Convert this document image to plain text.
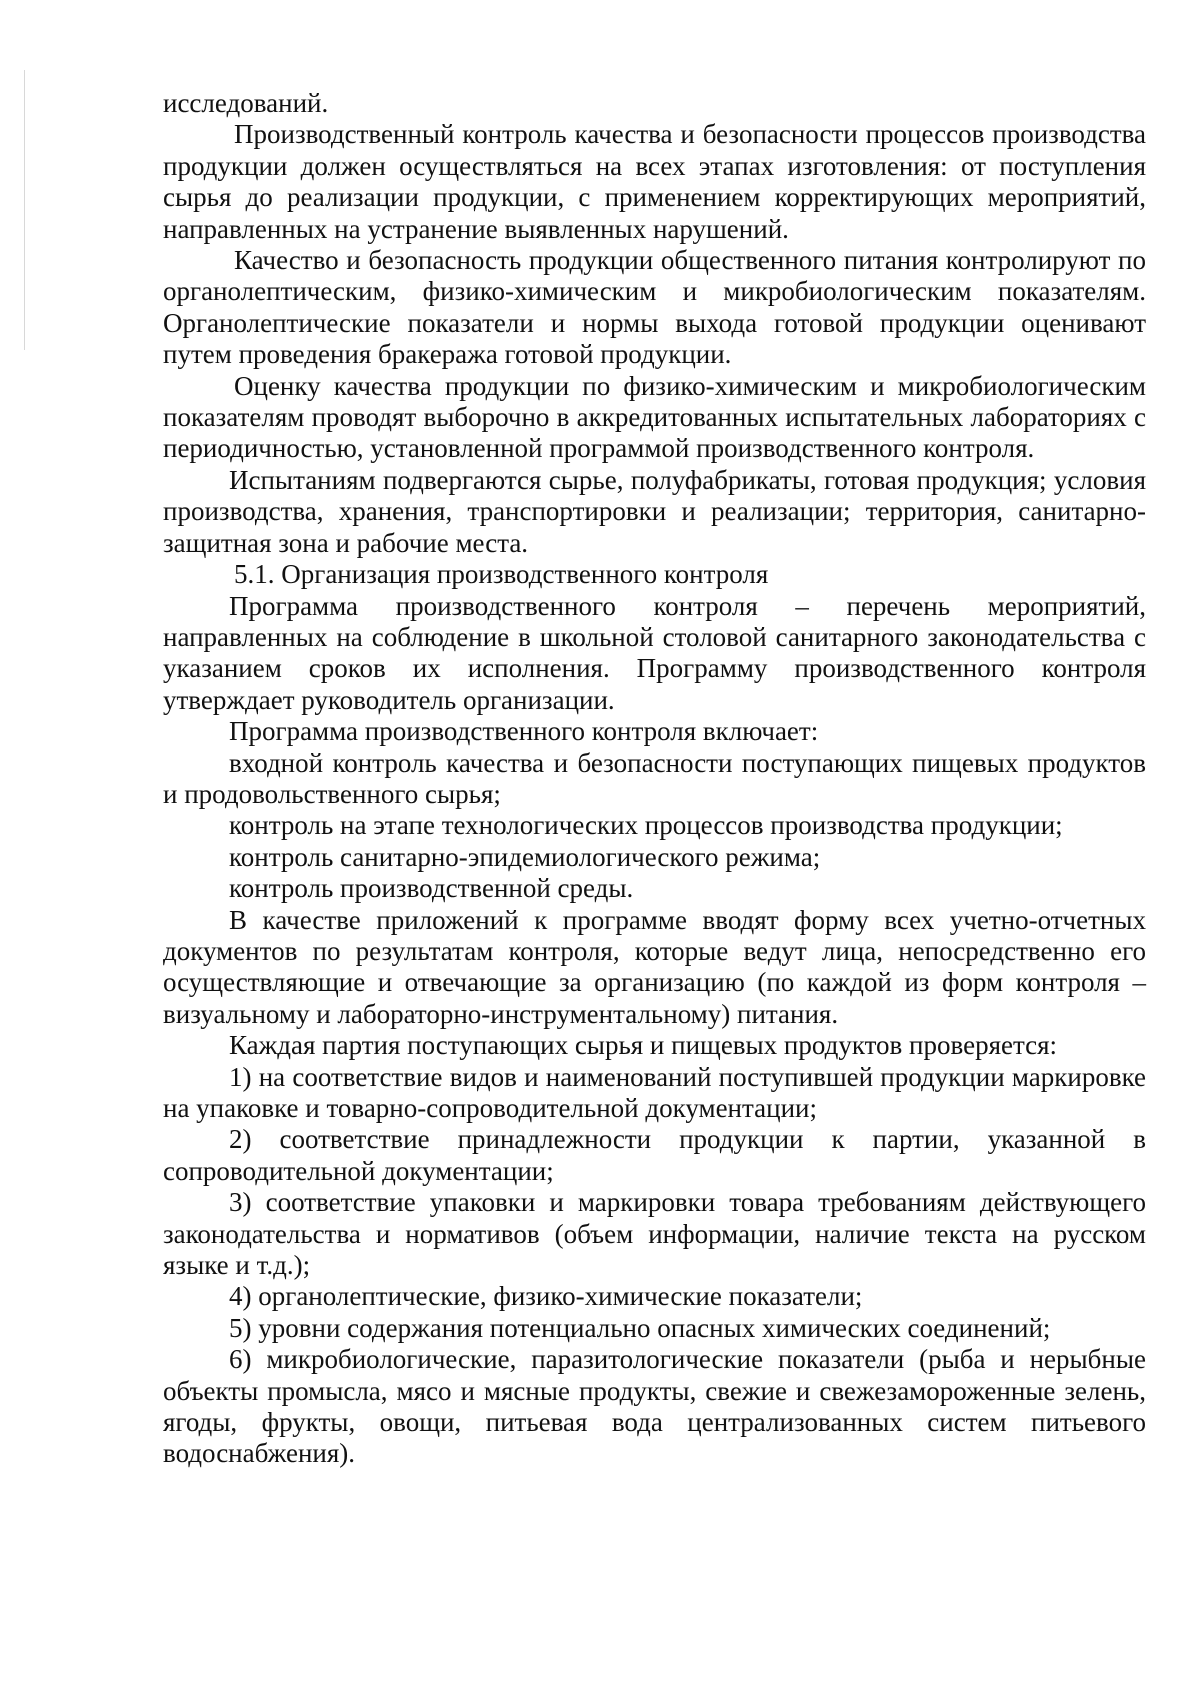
исследований.

Производственный контроль качества и безопасности процессов производства продукции должен осуществляться на всех этапах изготовления: от поступления сырья до реализации продукции, с применением корректирующих мероприятий, направленных на устранение выявленных нарушений.

Качество и безопасность продукции общественного питания контролируют по органолептическим, физико-химическим и микробиологическим показателям. Органолептические показатели и нормы выхода готовой продукции оценивают путем проведения бракеража готовой продукции.

Оценку качества продукции по физико-химическим и микробиологическим показателям проводят выборочно в аккредитованных испытательных лабораториях с периодичностью, установленной программой производственного контроля.

Испытаниям подвергаются сырье, полуфабрикаты, готовая продукция; условия производства, хранения, транспортировки и реализации; территория, санитарно-защитная зона и рабочие места.

5.1. Организация производственного контроля

Программа производственного контроля – перечень мероприятий, направленных на соблюдение в школьной столовой санитарного законодательства с указанием сроков их исполнения. Программу производственного контроля утверждает руководитель организации.

Программа производственного контроля включает:

входной контроль качества и безопасности поступающих пищевых продуктов и продовольственного сырья;

контроль на этапе технологических процессов производства продукции;

контроль санитарно-эпидемиологического режима;

контроль производственной среды.

В качестве приложений к программе вводят форму всех учетно-отчетных документов по результатам контроля, которые ведут лица, непосредственно его осуществляющие и отвечающие за организацию (по каждой из форм контроля – визуальному и лабораторно-инструментальному) питания.

Каждая партия поступающих сырья и пищевых продуктов проверяется:

1) на соответствие видов и наименований поступившей продукции маркировке на упаковке и товарно-сопроводительной документации;

2) соответствие принадлежности продукции к партии, указанной в сопроводительной документации;

3) соответствие упаковки и маркировки товара требованиям действующего законодательства и нормативов (объем информации, наличие текста на русском языке и т.д.);

4) органолептические, физико-химические показатели;

5) уровни содержания потенциально опасных химических соединений;

6) микробиологические, паразитологические показатели (рыба и нерыбные объекты промысла, мясо и мясные продукты, свежие и свежезамороженные зелень, ягоды, фрукты, овощи, питьевая вода централизованных систем питьевого водоснабжения).
